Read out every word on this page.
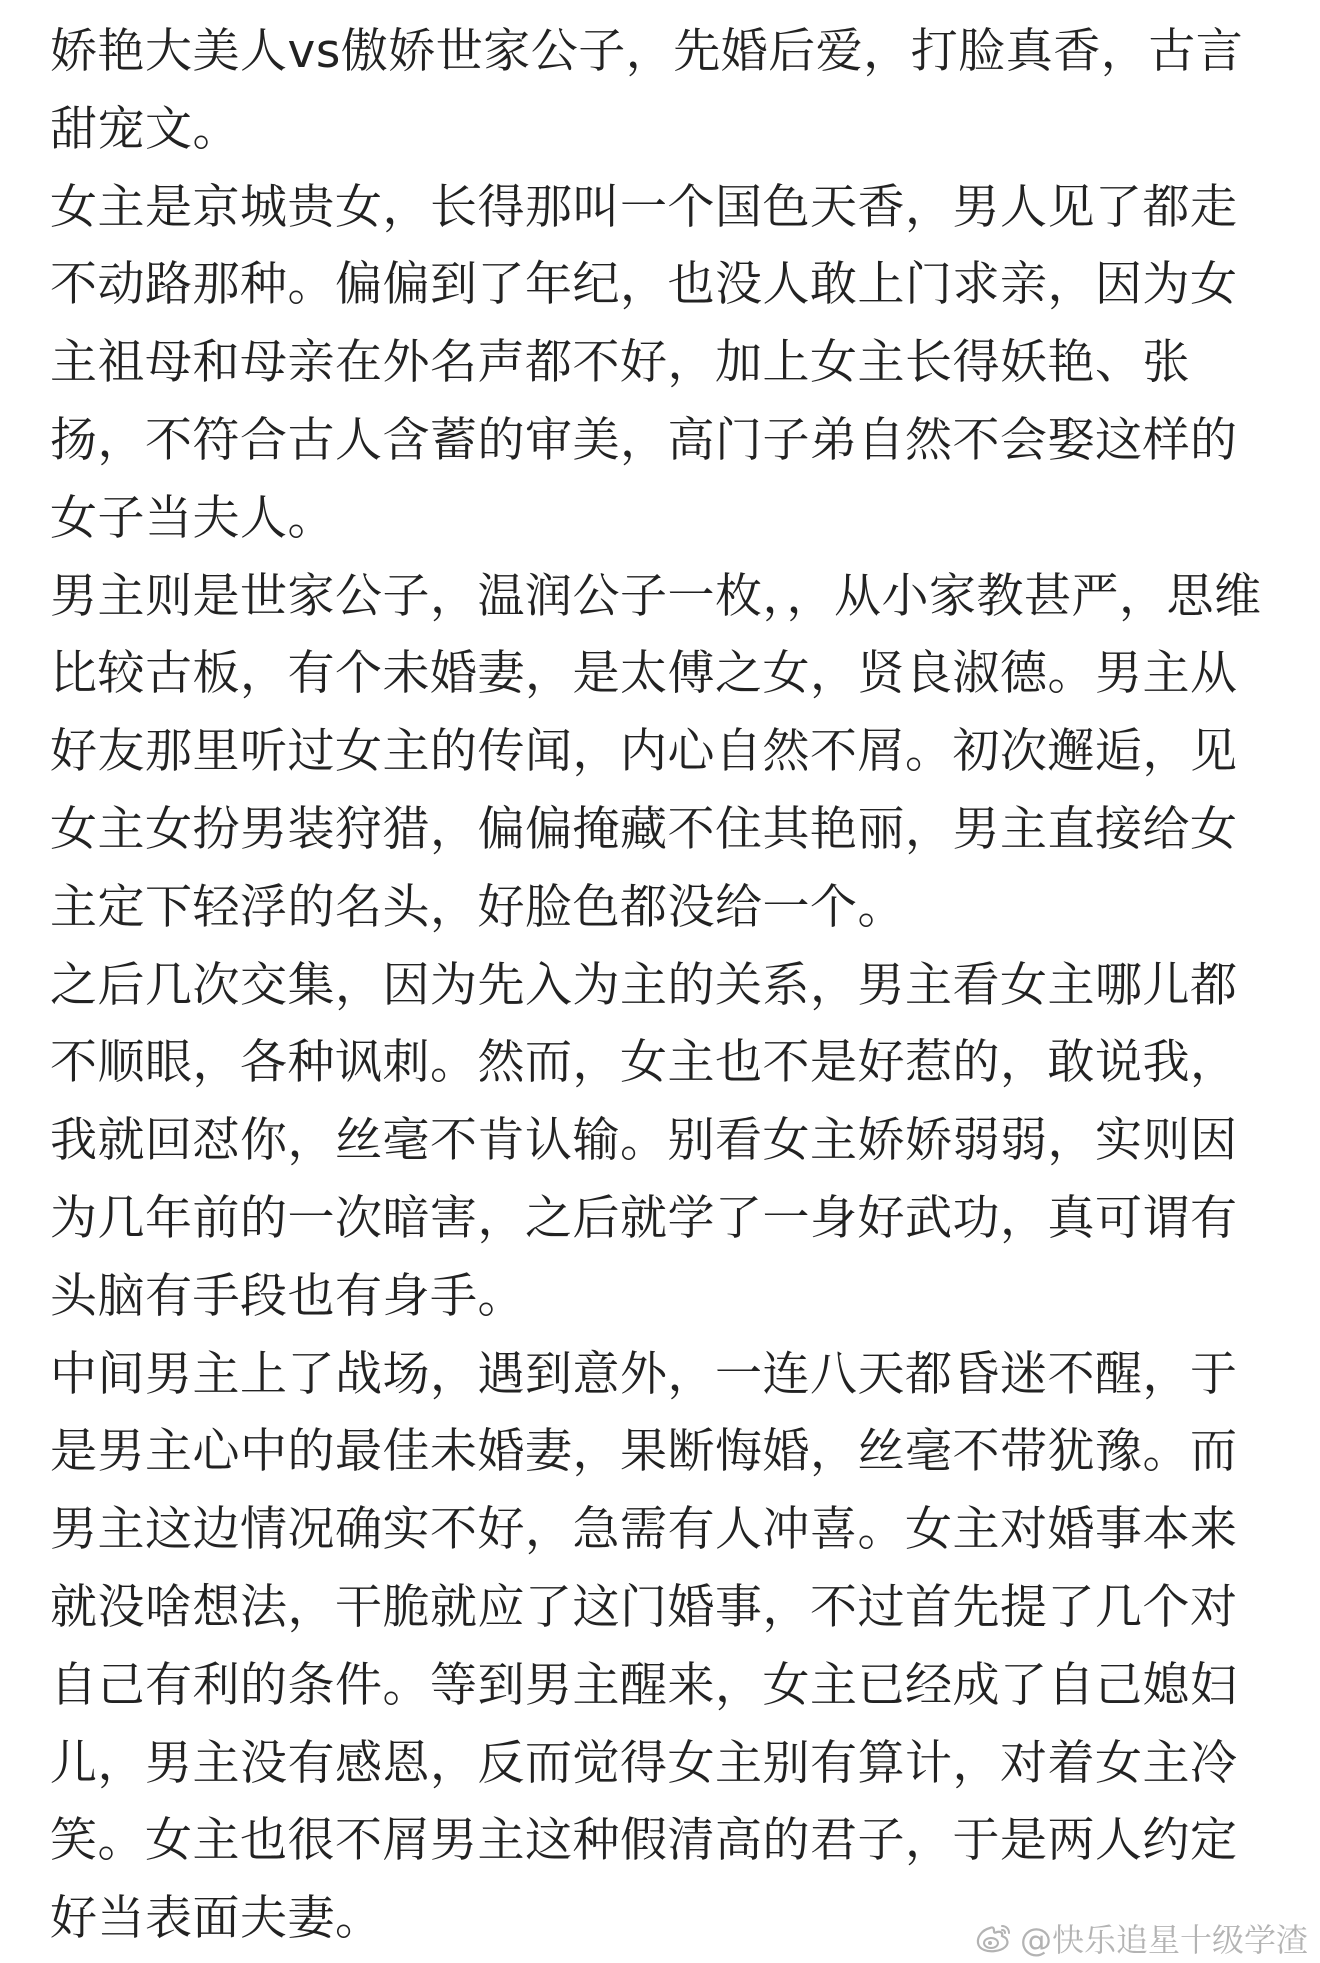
娇艳大美人vs傲娇世家公子，先婚后爱，打脸真香，古言
甜宠文。
女主是京城贵女，长得那叫一个国色天香，男人见了都走
不动路那种。偏偏到了年纪，也没人敢上门求亲，因为女
主祖母和母亲在外名声都不好，加上女主长得妖艳、张
扬，不符合古人含蓄的审美，高门子弟自然不会娶这样的
女子当夫人。
男主则是世家公子，温润公子一枚，，从小家教甚严，思维
比较古板，有个未婚妻，是太傅之女，贤良淑德。男主从
好友那里听过女主的传闻，内心自然不屑。初次邂逅，见
女主女扮男装狩猎，偏偏掩藏不住其艳丽，男主直接给女
主定下轻浮的名头，好脸色都没给一个。
之后几次交集，因为先入为主的关系，男主看女主哪儿都
不顺眼，各种讽刺。然而，女主也不是好惹的，敢说我，
我就回怼你，丝毫不肯认输。别看女主娇娇弱弱，实则因
为几年前的一次暗害，之后就学了一身好武功，真可谓有
头脑有手段也有身手。
中间男主上了战场，遇到意外，一连八天都昏迷不醒，于
是男主心中的最佳未婚妻，果断悔婚，丝毫不带犹豫。而
男主这边情况确实不好，急需有人冲喜。女主对婚事本来
就没啥想法，干脆就应了这门婚事，不过首先提了几个对
自己有利的条件。等到男主醒来，女主已经成了自己媳妇
儿，男主没有感恩，反而觉得女主别有算计，对着女主冷
笑。女主也很不屑男主这种假清高的君子，于是两人约定
好当表面夫妻。	@快乐追星十级学渣
